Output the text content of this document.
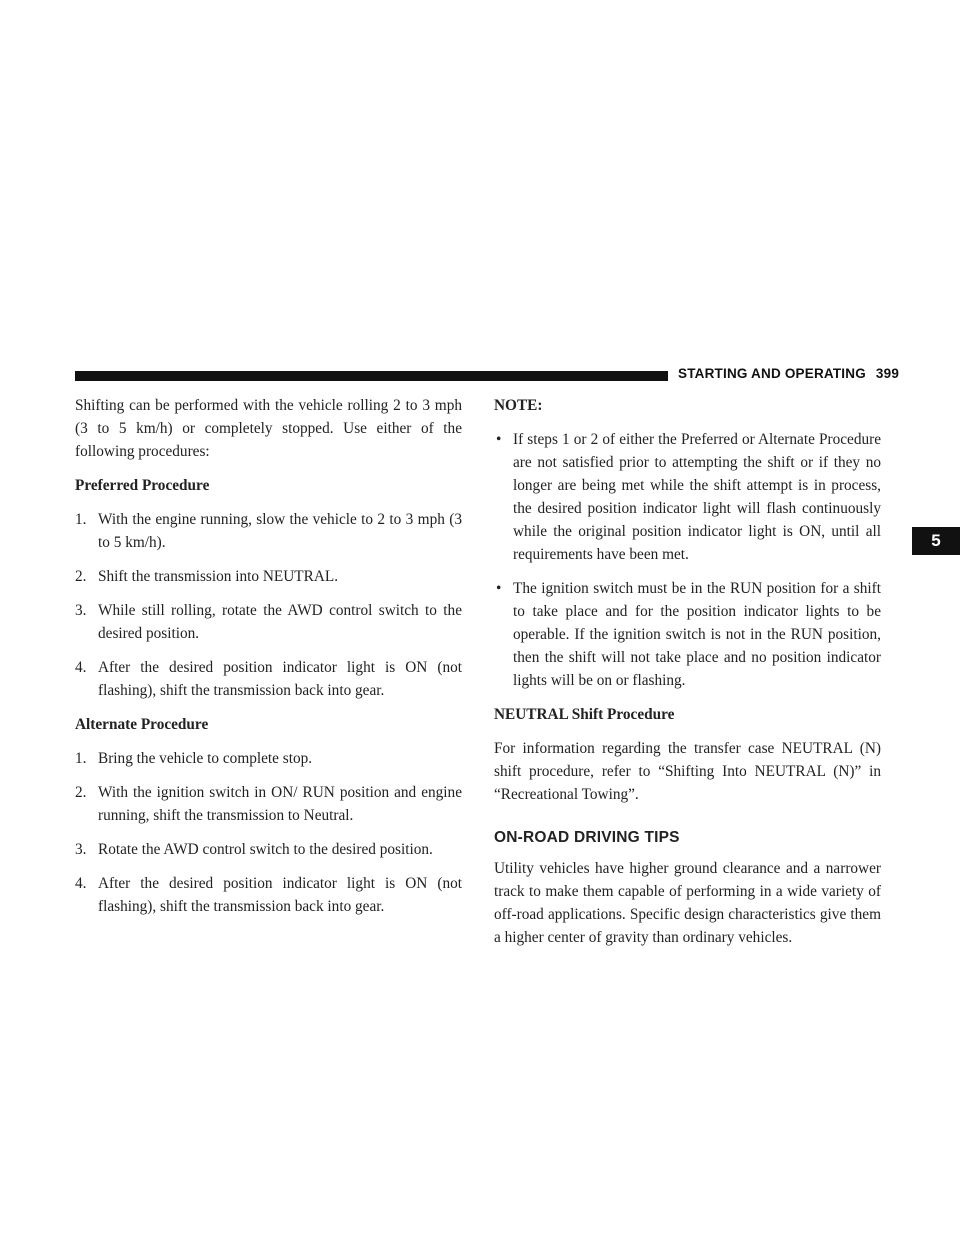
STARTING AND OPERATING 399
5

Shifting can be performed with the vehicle rolling 2 to 3 mph (3 to 5 km/h) or completely stopped. Use either of the following procedures:

Preferred Procedure
1. With the engine running, slow the vehicle to 2 to 3 mph (3 to 5 km/h).
2. Shift the transmission into NEUTRAL.
3. While still rolling, rotate the AWD control switch to the desired position.
4. After the desired position indicator light is ON (not flashing), shift the transmission back into gear.
Alternate Procedure
1. Bring the vehicle to complete stop.
2. With the ignition switch in ON/ RUN position and engine running, shift the transmission to Neutral.
3. Rotate the AWD control switch to the desired position.
4. After the desired position indicator light is ON (not flashing), shift the transmission back into gear.
NOTE:
• If steps 1 or 2 of either the Preferred or Alternate Procedure are not satisfied prior to attempting the shift or if they no longer are being met while the shift attempt is in process, the desired position indicator light will flash continuously while the original position indicator light is ON, until all requirements have been met.
• The ignition switch must be in the RUN position for a shift to take place and for the position indicator lights to be operable. If the ignition switch is not in the RUN position, then the shift will not take place and no position indicator lights will be on or flashing.
NEUTRAL Shift Procedure

For information regarding the transfer case NEUTRAL (N) shift procedure, refer to “Shifting Into NEUTRAL (N)” in “Recreational Towing”.

ON-ROAD DRIVING TIPS

Utility vehicles have higher ground clearance and a narrower track to make them capable of performing in a wide variety of off-road applications. Specific design characteristics give them a higher center of gravity than ordinary vehicles.
